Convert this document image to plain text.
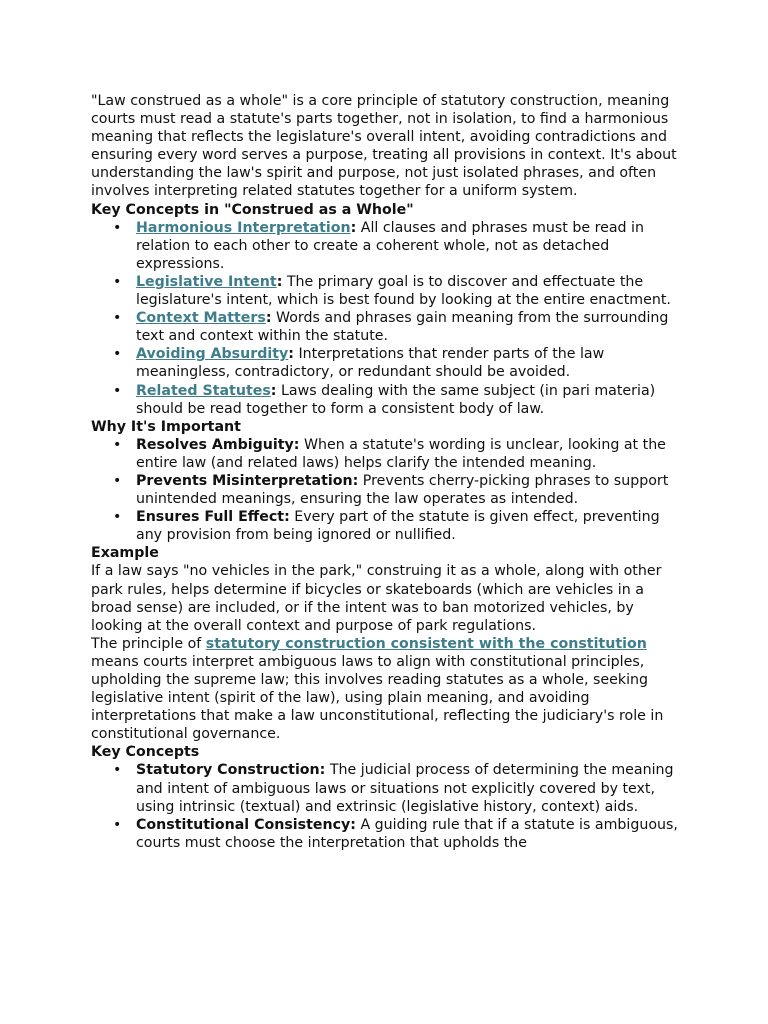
"Law construed as a whole" is a core principle of statutory construction, meaning courts must read a statute's parts together, not in isolation, to find a harmonious meaning that reflects the legislature's overall intent, avoiding contradictions and ensuring every word serves a purpose, treating all provisions in context. It's about understanding the law's spirit and purpose, not just isolated phrases, and often involves interpreting related statutes together for a uniform system.

Key Concepts in "Construed as a Whole"
• Harmonious Interpretation: All clauses and phrases must be read in relation to each other to create a coherent whole, not as detached expressions.
• Legislative Intent: The primary goal is to discover and effectuate the legislature's intent, which is best found by looking at the entire enactment.
• Context Matters: Words and phrases gain meaning from the surrounding text and context within the statute.
• Avoiding Absurdity: Interpretations that render parts of the law meaningless, contradictory, or redundant should be avoided.
• Related Statutes: Laws dealing with the same subject (in pari materia) should be read together to form a consistent body of law.
Why It's Important
• Resolves Ambiguity: When a statute's wording is unclear, looking at the entire law (and related laws) helps clarify the intended meaning.
• Prevents Misinterpretation: Prevents cherry-picking phrases to support unintended meanings, ensuring the law operates as intended.
• Ensures Full Effect: Every part of the statute is given effect, preventing any provision from being ignored or nullified.
Example

If a law says "no vehicles in the park," construing it as a whole, along with other park rules, helps determine if bicycles or skateboards (which are vehicles in a broad sense) are included, or if the intent was to ban motorized vehicles, by looking at the overall context and purpose of park regulations.

The principle of statutory construction consistent with the constitution means courts interpret ambiguous laws to align with constitutional principles, upholding the supreme law; this involves reading statutes as a whole, seeking legislative intent (spirit of the law), using plain meaning, and avoiding interpretations that make a law unconstitutional, reflecting the judiciary's role in constitutional governance.

Key Concepts
• Statutory Construction: The judicial process of determining the meaning and intent of ambiguous laws or situations not explicitly covered by text, using intrinsic (textual) and extrinsic (legislative history, context) aids.
• Constitutional Consistency: A guiding rule that if a statute is ambiguous, courts must choose the interpretation that upholds the
